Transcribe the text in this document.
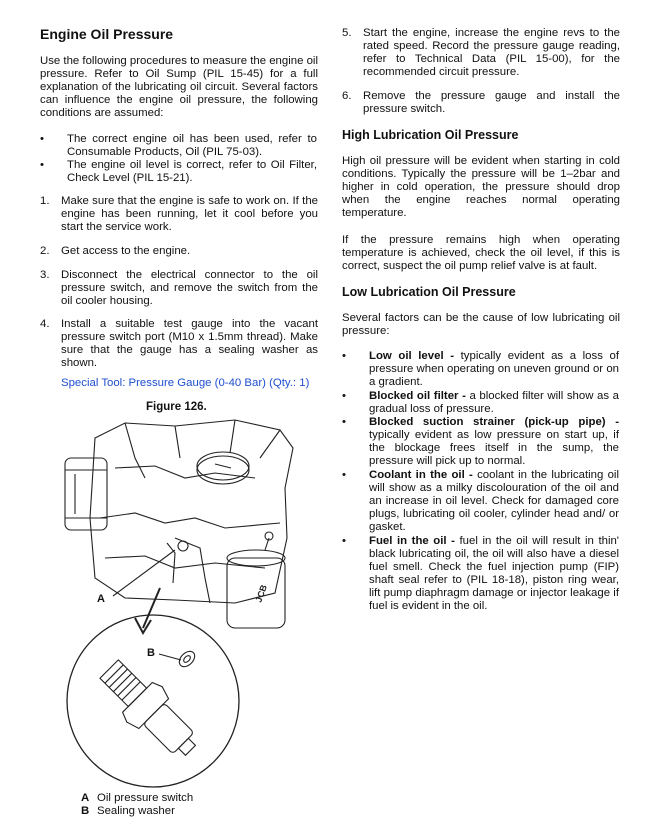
Engine Oil Pressure

Use the following procedures to measure the engine oil pressure. Refer to Oil Sump (PIL 15-45) for a full explanation of the lubricating oil circuit. Several factors can influence the engine oil pressure, the following conditions are assumed:

• The correct engine oil has been used, refer to Consumable Products, Oil (PIL 75-03).
• The engine oil level is correct, refer to Oil Filter, Check Level (PIL 15-21).
1. Make sure that the engine is safe to work on. If the engine has been running, let it cool before you start the service work.
2. Get access to the engine.
3. Disconnect the electrical connector to the oil pressure switch, and remove the switch from the oil cooler housing.
4. Install a suitable test gauge into the vacant pressure switch port (M10 x 1.5mm thread). Make sure that the gauge has a sealing washer as shown.

Special Tool: Pressure Gauge (0-40 Bar) (Qty.: 1)

Figure 126.
JCB
A
B
A Oil pressure switch
B Sealing washer
5. Start the engine, increase the engine revs to the rated speed. Record the pressure gauge reading, refer to Technical Data (PIL 15-00), for the recommended circuit pressure.
6. Remove the pressure gauge and install the pressure switch.
High Lubrication Oil Pressure

High oil pressure will be evident when starting in cold conditions. Typically the pressure will be 1–2bar and higher in cold operation, the pressure should drop when the engine reaches normal operating temperature.

If the pressure remains high when operating temperature is achieved, check the oil level, if this is correct, suspect the oil pump relief valve is at fault.

Low Lubrication Oil Pressure

Several factors can be the cause of low lubricating oil pressure:

• Low oil level - typically evident as a loss of pressure when operating on uneven ground or on a gradient.
• Blocked oil filter - a blocked filter will show as a gradual loss of pressure.
• Blocked suction strainer (pick-up pipe) - typically evident as low pressure on start up, if the blockage frees itself in the sump, the pressure will pick up to normal.
• Coolant in the oil - coolant in the lubricating oil will show as a milky discolouration of the oil and an increase in oil level. Check for damaged core plugs, lubricating oil cooler, cylinder head and/ or gasket.
• Fuel in the oil - fuel in the oil will result in thin' black lubricating oil, the oil will also have a diesel fuel smell. Check the fuel injection pump (FIP) shaft seal refer to (PIL 18-18), piston ring wear, lift pump diaphragm damage or injector leakage if fuel is evident in the oil.
